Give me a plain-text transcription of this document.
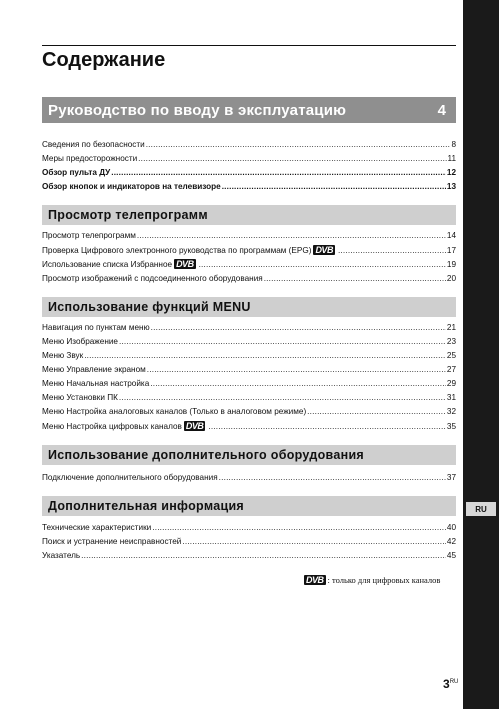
RU
Содержание
Руководство по вводу в эксплуатацию	4
Сведения по безопасности .....	8
Меры предосторожности .....	11
Обзор пульта ДУ .....	12
Обзор кнопок и индикаторов на телевизоре .....	13
Просмотр телепрограмм
Просмотр телепрограмм .....	14
Проверка Цифрового электронного руководства по программам (EPG) DVB .....	17
Использование списка Избранное DVB .....	19
Просмотр изображений с подсоединенного оборудования .....	20
Использование функций MENU
Навигация по пунктам меню .....	21
Меню Изображение .....	23
Меню Звук .....	25
Меню Управление экраном .....	27
Меню Начальная настройка .....	29
Меню Установки ПК .....	31
Меню Настройка аналоговых каналов (Только в аналоговом режиме) .....	32
Меню Настройка цифровых каналов DVB .....	35
Использование дополнительного оборудования
Подключение дополнительного оборудования .....	37
Дополнительная информация
Технические характеристики .....	40
Поиск и устранение неисправностей .....	42
Указатель .....	45
DVB : только для цифровых каналов
$3^{RU}$
